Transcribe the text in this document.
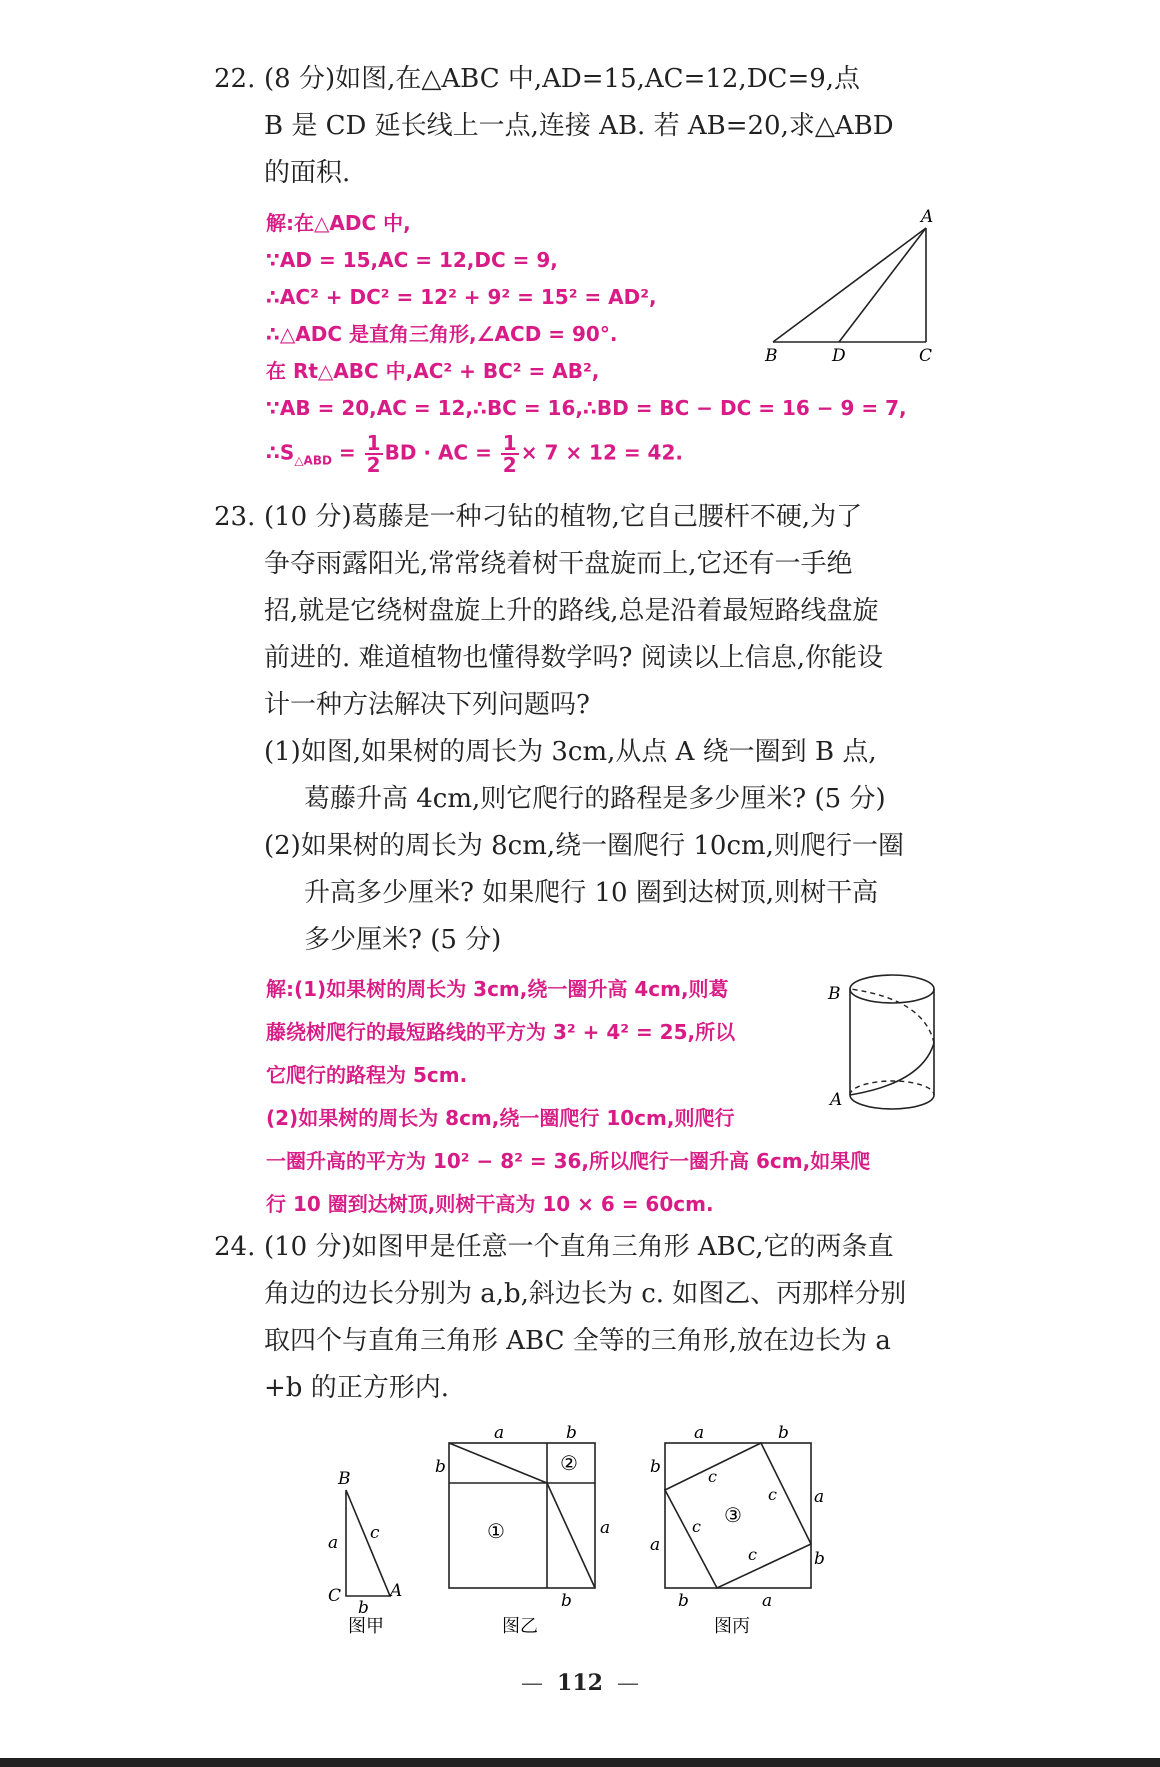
22. (8 分)如图,在△ABC 中,AD=15,AC=12,DC=9,点
B 是 CD 延长线上一点,连接 AB. 若 AB=20,求△ABD
的面积.
解:在△ADC 中,
∵AD = 15,AC = 12,DC = 9,
∴AC² + DC² = 12² + 9² = 15² = AD²,
∴△ADC 是直角三角形,∠ACD = 90°.
在 Rt△ABC 中,AC² + BC² = AB²,
∵AB = 20,AC = 12,∴BC = 16,∴BD = BC − DC = 16 − 9 = 7,
$\therefore S_{\triangle ABD} = \frac{1}{2}$ BD · AC = $\frac{1}{2} \times 7 \times 12 = 42$.
A
B	D	C
23. (10 分)葛藤是一种刁钻的植物,它自己腰杆不硬,为了
争夺雨露阳光,常常绕着树干盘旋而上,它还有一手绝
招,就是它绕树盘旋上升的路线,总是沿着最短路线盘旋
前进的. 难道植物也懂得数学吗? 阅读以上信息,你能设
计一种方法解决下列问题吗?
(1)如图,如果树的周长为 3cm,从点 A 绕一圈到 B 点,
葛藤升高 4cm,则它爬行的路程是多少厘米? (5 分)
(2)如果树的周长为 8cm,绕一圈爬行 10cm,则爬行一圈
升高多少厘米? 如果爬行 10 圈到达树顶,则树干高
多少厘米? (5 分)
解:(1)如果树的周长为 3cm,绕一圈升高 4cm,则葛
藤绕树爬行的最短路线的平方为 3² + 4² = 25,所以
它爬行的路程为 5cm.
(2)如果树的周长为 8cm,绕一圈爬行 10cm,则爬行
一圈升高的平方为 10² − 8² = 36,所以爬行一圈升高 6cm,如果爬
行 10 圈到达树顶,则树干高为 10 × 6 = 60cm.
B
A
24. (10 分)如图甲是任意一个直角三角形 ABC,它的两条直
角边的边长分别为 a,b,斜边长为 c. 如图乙、丙那样分别
取四个与直角三角形 ABC 全等的三角形,放在边长为 a
+b 的正方形内.
B
C	A
a c
b
图甲
a	b
b
a
b
①
②
图乙
a	b
b
a
a
b
b	a
c
c
c
c
③
图丙
— 112 —
